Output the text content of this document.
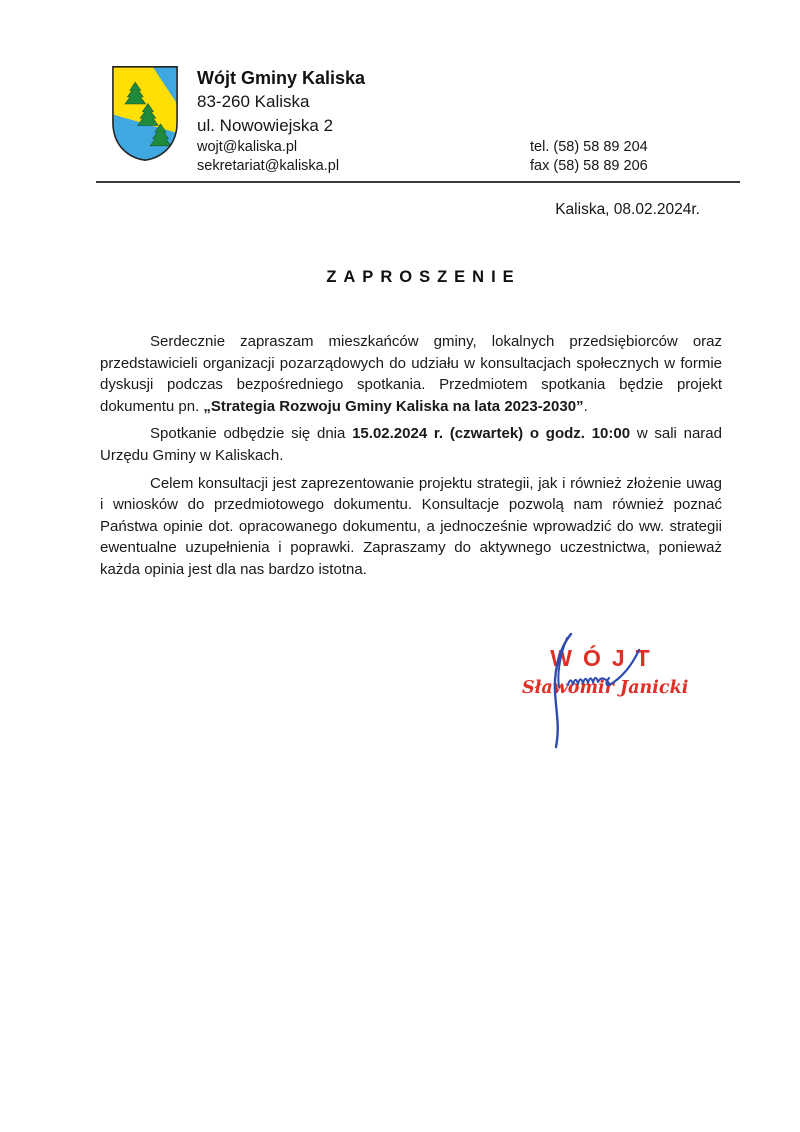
Wójt Gminy Kaliska
83-260 Kaliska
ul. Nowowiejska 2
wojt@kaliska.pl
sekretariat@kaliska.pl
tel. (58) 58 89 204
fax (58) 58 89 206
Kaliska, 08.02.2024r.
ZAPROSZENIE

Serdecznie zapraszam mieszkańców gminy, lokalnych przedsiębiorców oraz przedstawicieli organizacji pozarządowych do udziału w konsultacjach społecznych w formie dyskusji podczas bezpośredniego spotkania. Przedmiotem spotkania będzie projekt dokumentu pn. „Strategia Rozwoju Gminy Kaliska na lata 2023-2030”.

Spotkanie odbędzie się dnia 15.02.2024 r. (czwartek) o godz. 10:00 w sali narad Urzędu Gminy w Kaliskach.

Celem konsultacji jest zaprezentowanie projektu strategii, jak i również złożenie uwag i wniosków do przedmiotowego dokumentu. Konsultacje pozwolą nam również poznać Państwa opinie dot. opracowanego dokumentu, a jednocześnie wprowadzić do ww. strategii ewentualne uzupełnienia i poprawki. Zapraszamy do aktywnego uczestnictwa, ponieważ każda opinia jest dla nas bardzo istotna.

WÓJT
Sławomir Janicki
